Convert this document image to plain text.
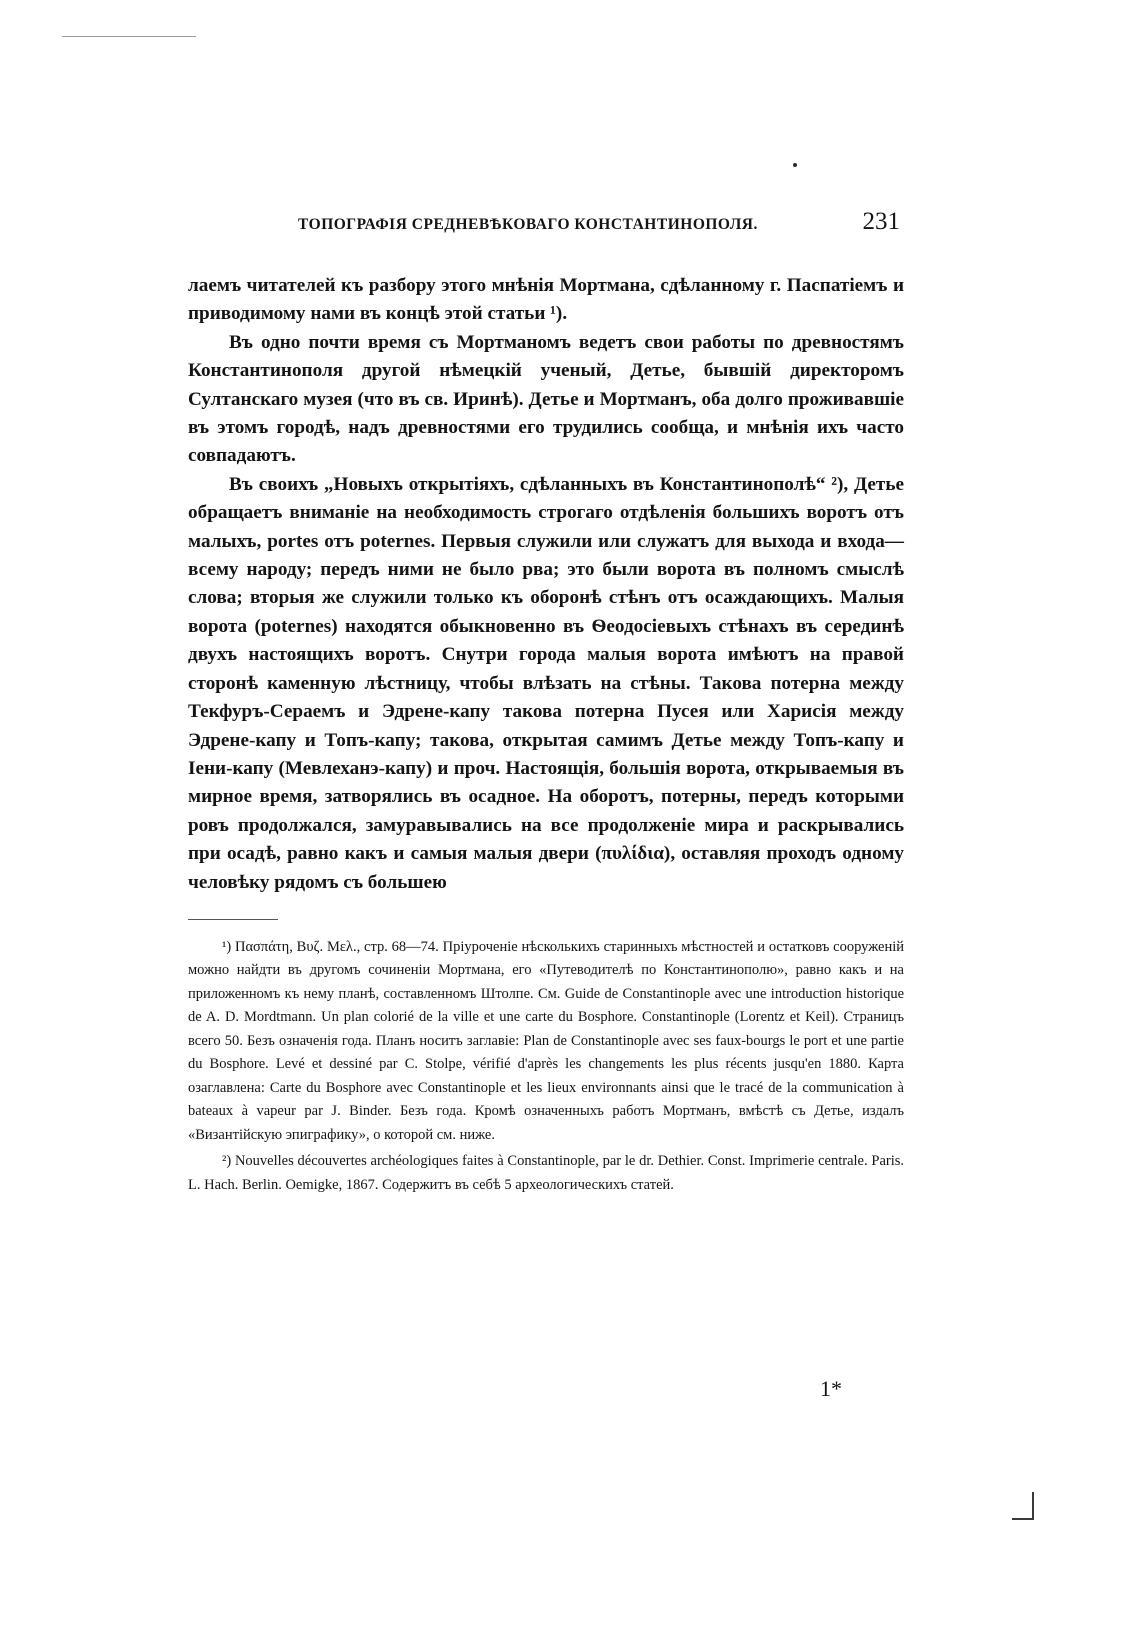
ТОПОГРАФІЯ СРЕДНЕВѢКОВАГО КОНСТАНТИНОПОЛЯ.	231

лаемъ читателей къ разбору этого мнѣнія Мортмана, сдѣланному г. Паспатіемъ и приводимому нами въ концѣ этой статьи ¹).

Въ одно почти время съ Мортманомъ ведетъ свои работы по древностямъ Константинополя другой нѣмецкій ученый, Детье, бывшій директоромъ Султанскаго музея (что въ св. Иринѣ). Детье и Мортманъ, оба долго проживавшіе въ этомъ городѣ, надъ древностями его трудились сообща, и мнѣнія ихъ часто совпадаютъ.

Въ своихъ „Новыхъ открытіяхъ, сдѣланныхъ въ Константинополѣ“ ²), Детье обращаетъ вниманіе на необходимость строгаго отдѣленія большихъ воротъ отъ малыхъ, portes отъ poternes. Первыя служили или служатъ для выхода и входа—всему народу; передъ ними не было рва; это были ворота въ полномъ смыслѣ слова; вторыя же служили только къ оборонѣ стѣнъ отъ осаждающихъ. Малыя ворота (poternes) находятся обыкновенно въ Ѳеодосіевыхъ стѣнахъ въ серединѣ двухъ настоящихъ воротъ. Снутри города малыя ворота имѣютъ на правой сторонѣ каменную лѣстницу, чтобы влѣзать на стѣны. Такова потерна между Текфуръ-Сераемъ и Эдрене-капу такова потерна Пусея или Харисія между Эдрене-капу и Топъ-капу; такова, открытая самимъ Детье между Топъ-капу и Іени-капу (Мевлеханэ-капу) и проч. Настоящія, большія ворота, открываемыя въ мирное время, затворялись въ осадное. На оборотъ, потерны, передъ которыми ровъ продолжался, замуравывались на все продолженіе мира и раскрывались при осадѣ, равно какъ и самыя малыя двери (πυλίδια), оставляя проходъ одному человѣку рядомъ съ большею

¹) Πασπάτη, Βυζ. Μελ., стр. 68—74. Пріуроченіе нѣсколькихъ старинныхъ мѣстностей и остатковъ сооруженій можно найдти въ другомъ сочиненіи Мортмана, его «Путеводителѣ по Константинополю», равно какъ и на приложенномъ къ нему планѣ, составленномъ Штолпе. См. Guide de Constantinople avec une introduction historique de A. D. Mordtmann. Un plan colorié de la ville et une carte du Bosphore. Constantinople (Lorentz et Keil). Страницъ всего 50. Безъ означенія года. Планъ носитъ заглавіе: Plan de Constantinople avec ses faux-bourgs le port et une partie du Bosphore. Levé et dessiné par C. Stolpe, vérifié d'après les changements les plus récents jusqu'en 1880. Карта озаглавлена: Carte du Bosphore avec Constantinople et les lieux environnants ainsi que le tracé de la communication à bateaux à vapeur par J. Binder. Безъ года. Кромѣ означенныхъ работъ Мортманъ, вмѣстѣ съ Детье, издалъ «Византійскую эпиграфику», о которой см. ниже.

²) Nouvelles découvertes archéologiques faites à Constantinople, par le dr. Dethier. Const. Imprimerie centrale. Paris. L. Hach. Berlin. Oemigke, 1867. Содержитъ въ себѣ 5 археологическихъ статей.

1*
